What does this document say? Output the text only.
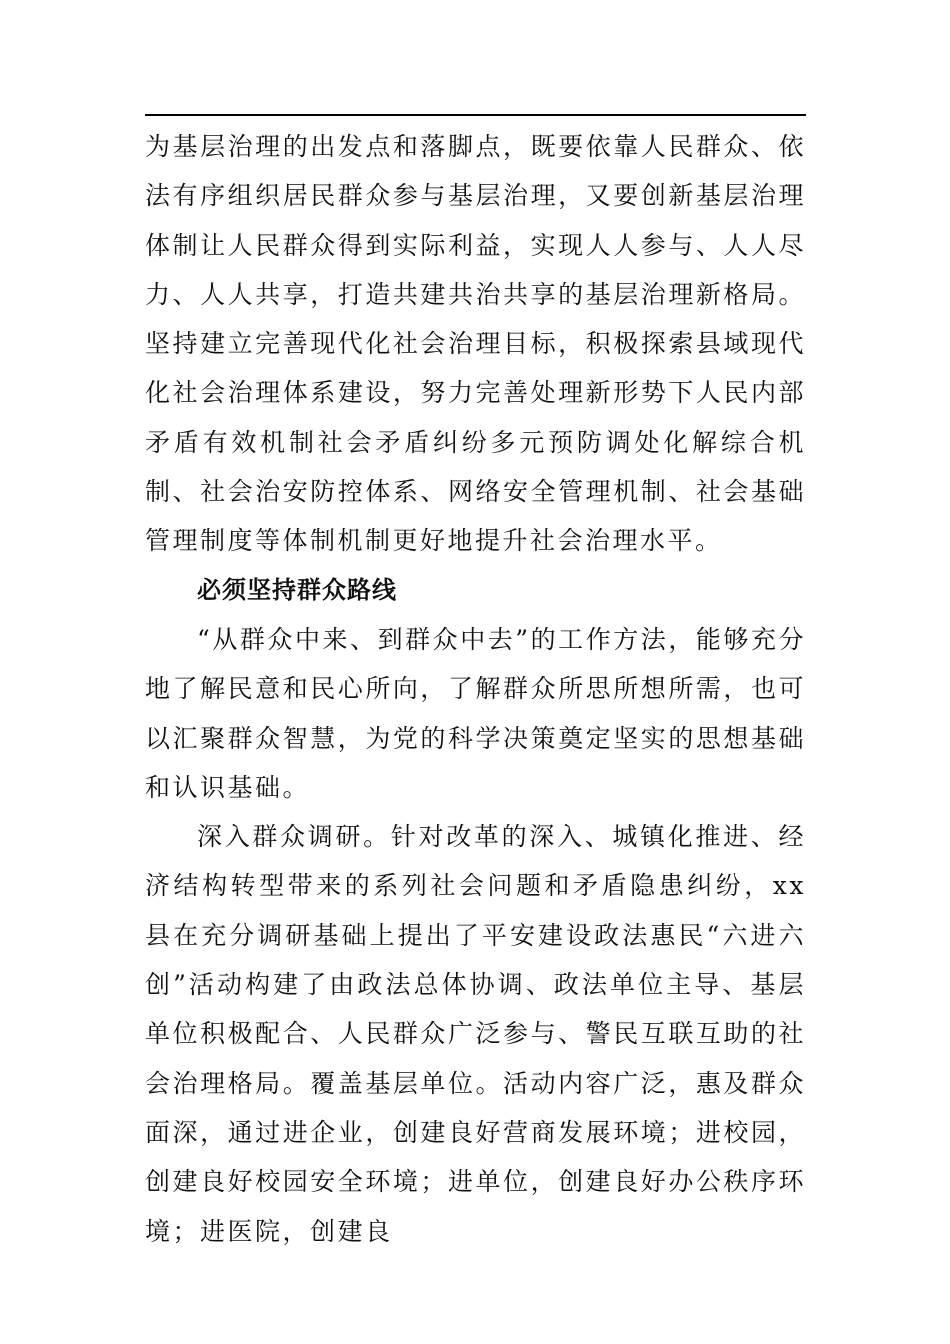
为基层治理的出发点和落脚点，既要依靠人民群众、依法有序组织居民群众参与基层治理，又要创新基层治理体制让人民群众得到实际利益，实现人人参与、人人尽力、人人共享，打造共建共治共享的基层治理新格局。坚持建立完善现代化社会治理目标，积极探索县域现代化社会治理体系建设，努力完善处理新形势下人民内部矛盾有效机制社会矛盾纠纷多元预防调处化解综合机制、社会治安防控体系、网络安全管理机制、社会基础管理制度等体制机制更好地提升社会治理水平。

必须坚持群众路线

“从群众中来、到群众中去”的工作方法，能够充分地了解民意和民心所向，了解群众所思所想所需，也可以汇聚群众智慧，为党的科学决策奠定坚实的思想基础和认识基础。

深入群众调研。针对改革的深入、城镇化推进、经济结构转型带来的系列社会问题和矛盾隐患纠纷，xx县在充分调研基础上提出了平安建设政法惠民“六进六创”活动构建了由政法总体协调、政法单位主导、基层单位积极配合、人民群众广泛参与、警民互联互助的社会治理格局。覆盖基层单位。活动内容广泛，惠及群众面深，通过进企业，创建良好营商发展环境；进校园，创建良好校园安全环境；进单位，创建良好办公秩序环境；进医院，创建良
